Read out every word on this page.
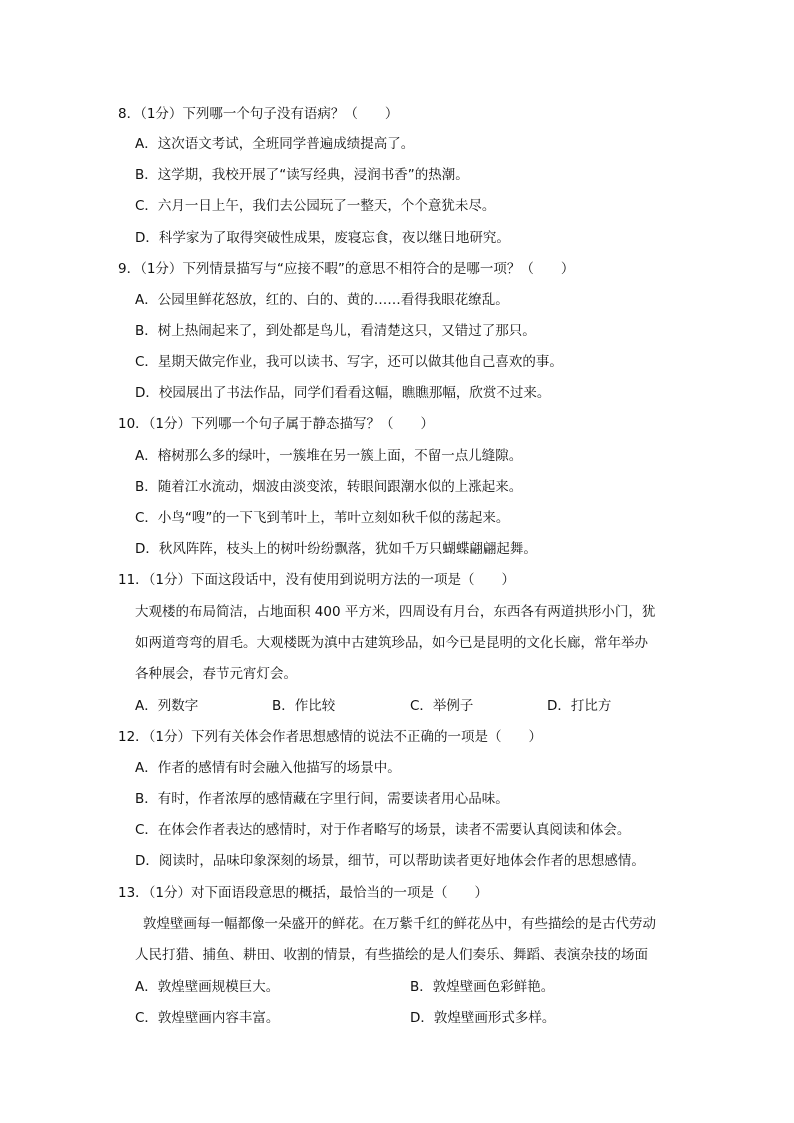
8．（1分）下列哪一个句子没有语病？（　　）
A．这次语文考试，全班同学普遍成绩提高了。
B．这学期，我校开展了“读写经典，浸润书香”的热潮。
C．六月一日上午，我们去公园玩了一整天，个个意犹未尽。
D．科学家为了取得突破性成果，废寝忘食，夜以继日地研究。
9．（1分）下列情景描写与“应接不暇”的意思不相符合的是哪一项？（　　）
A．公园里鲜花怒放，红的、白的、黄的……看得我眼花缭乱。
B．树上热闹起来了，到处都是鸟儿，看清楚这只，又错过了那只。
C．星期天做完作业，我可以读书、写字，还可以做其他自己喜欢的事。
D．校园展出了书法作品，同学们看看这幅，瞧瞧那幅，欣赏不过来。
10．（1分）下列哪一个句子属于静态描写？（　　）
A．榕树那么多的绿叶，一簇堆在另一簇上面，不留一点儿缝隙。
B．随着江水流动，烟波由淡变浓，转眼间跟潮水似的上涨起来。
C．小鸟“嗖”的一下飞到苇叶上，苇叶立刻如秋千似的荡起来。
D．秋风阵阵，枝头上的树叶纷纷飘落，犹如千万只蝴蝶翩翩起舞。
11．（1分）下面这段话中，没有使用到说明方法的一项是（　　）
大观楼的布局简洁，占地面积 400 平方米，四周设有月台，东西各有两道拱形小门，犹
如两道弯弯的眉毛。大观楼既为滇中古建筑珍品，如今已是昆明的文化长廊，常年举办
各种展会，春节元宵灯会。
A．列数字	B．作比较	C．举例子	D．打比方
12．（1分）下列有关体会作者思想感情的说法不正确的一项是（　　）
A．作者的感情有时会融入他描写的场景中。
B．有时，作者浓厚的感情藏在字里行间，需要读者用心品味。
C．在体会作者表达的感情时，对于作者略写的场景，读者不需要认真阅读和体会。
D．阅读时，品味印象深刻的场景，细节，可以帮助读者更好地体会作者的思想感情。
13．（1分）对下面语段意思的概括，最恰当的一项是（　　）
敦煌壁画每一幅都像一朵盛开的鲜花。在万紫千红的鲜花丛中，有些描绘的是古代劳动
人民打猎、捕鱼、耕田、收割的情景，有些描绘的是人们奏乐、舞蹈、表演杂技的场面
A．敦煌壁画规模巨大。	B．敦煌壁画色彩鲜艳。
C．敦煌壁画内容丰富。	D．敦煌壁画形式多样。
